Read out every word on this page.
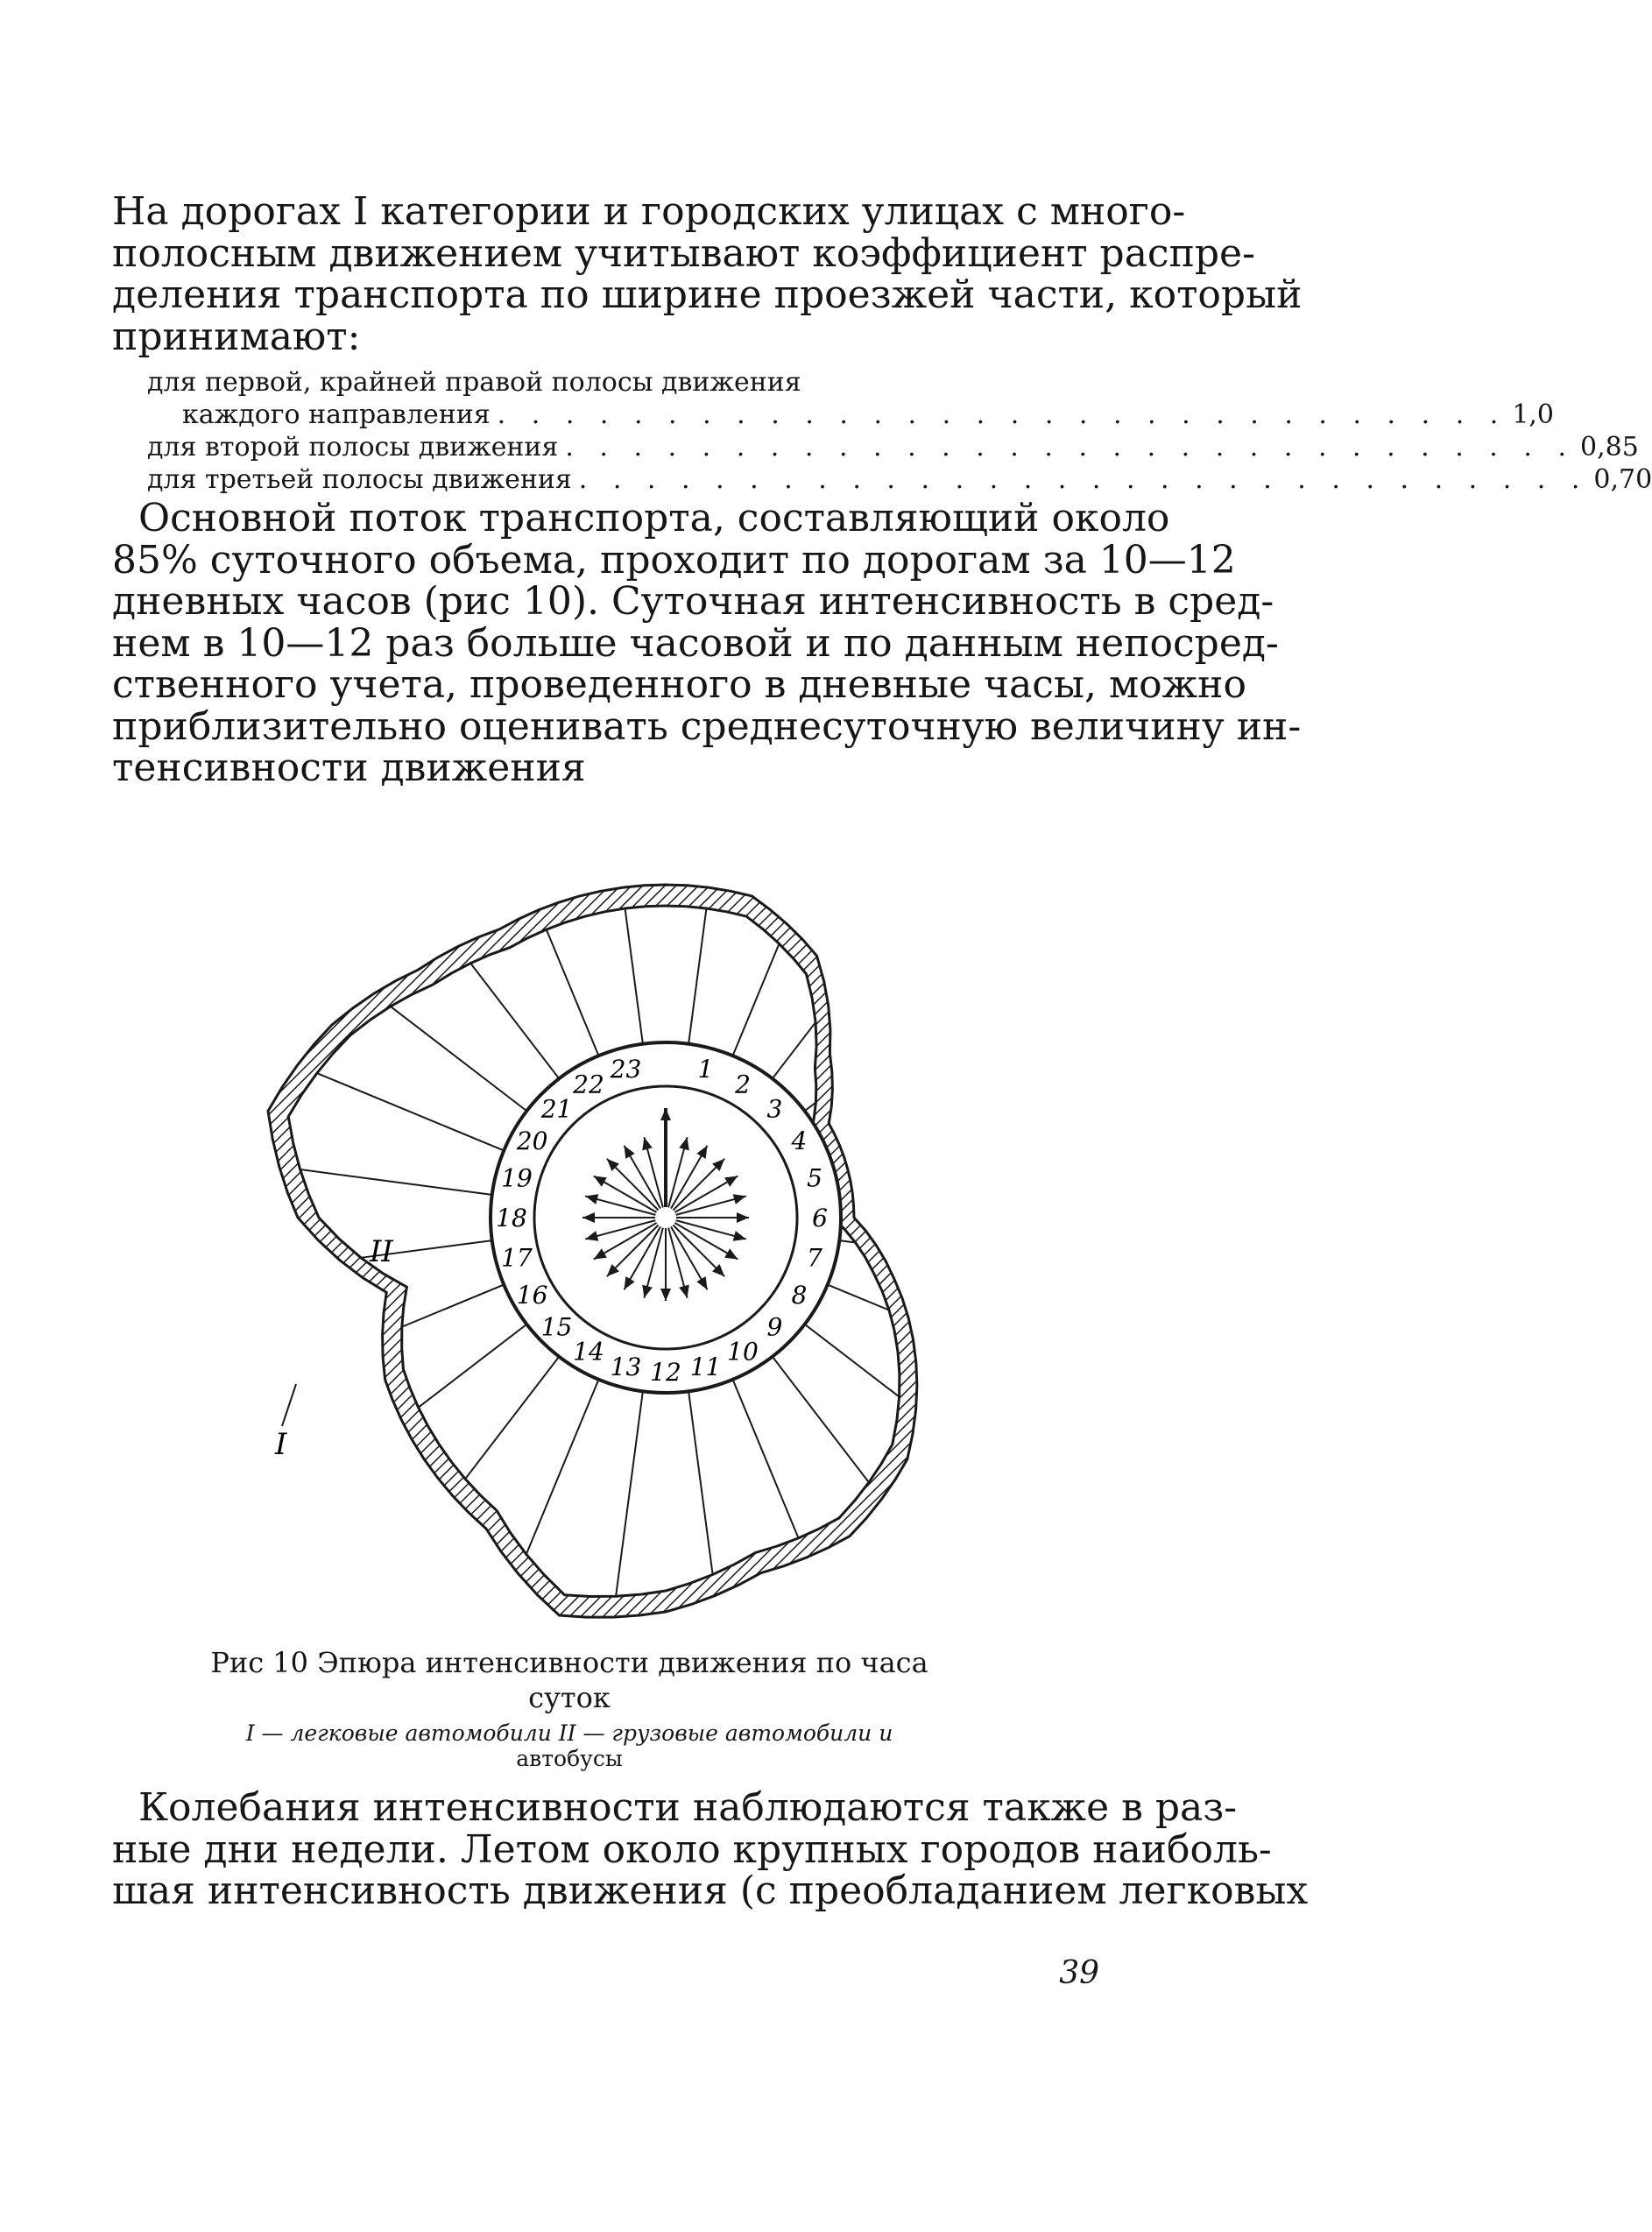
На дорогах I категории и городских улицах с много-
полосным движением учитывают коэффициент распре-
деления транспорта по ширине проезжей части, который
принимают:
для первой, крайней правой полосы движения
каждого направления . . . . . . . . . . . . . . . . . . . . . . . . . . . . . . 1,0
для второй полосы движения . . . . . . . . . . . . . . . . . . . . . . . . . . . . . . 0,85
для третьей полосы движения . . . . . . . . . . . . . . . . . . . . . . . . . . . . . . 0,70
Основной поток транспорта, составляющий около
85% суточного объема, проходит по дорогам за 10—12
дневных часов (рис 10). Суточная интенсивность в сред-
нем в 10—12 раз больше часовой и по данным непосред-
ственного учета, проведенного в дневные часы, можно
приблизительно оценивать среднесуточную величину ин-
тенсивности движения
1
2
3
4
5
6
7
8
9
10
11
12
13
14
15
16
17
18
19
20
21
22
23
II
I
Рис 10 Эпюра интенсивности движения по часа
суток
I — легковые автомобили II — грузовые автомобили и
автобусы
Колебания интенсивности наблюдаются также в раз-
ные дни недели. Летом около крупных городов наиболь-
шая интенсивность движения (с преобладанием легковых
39
